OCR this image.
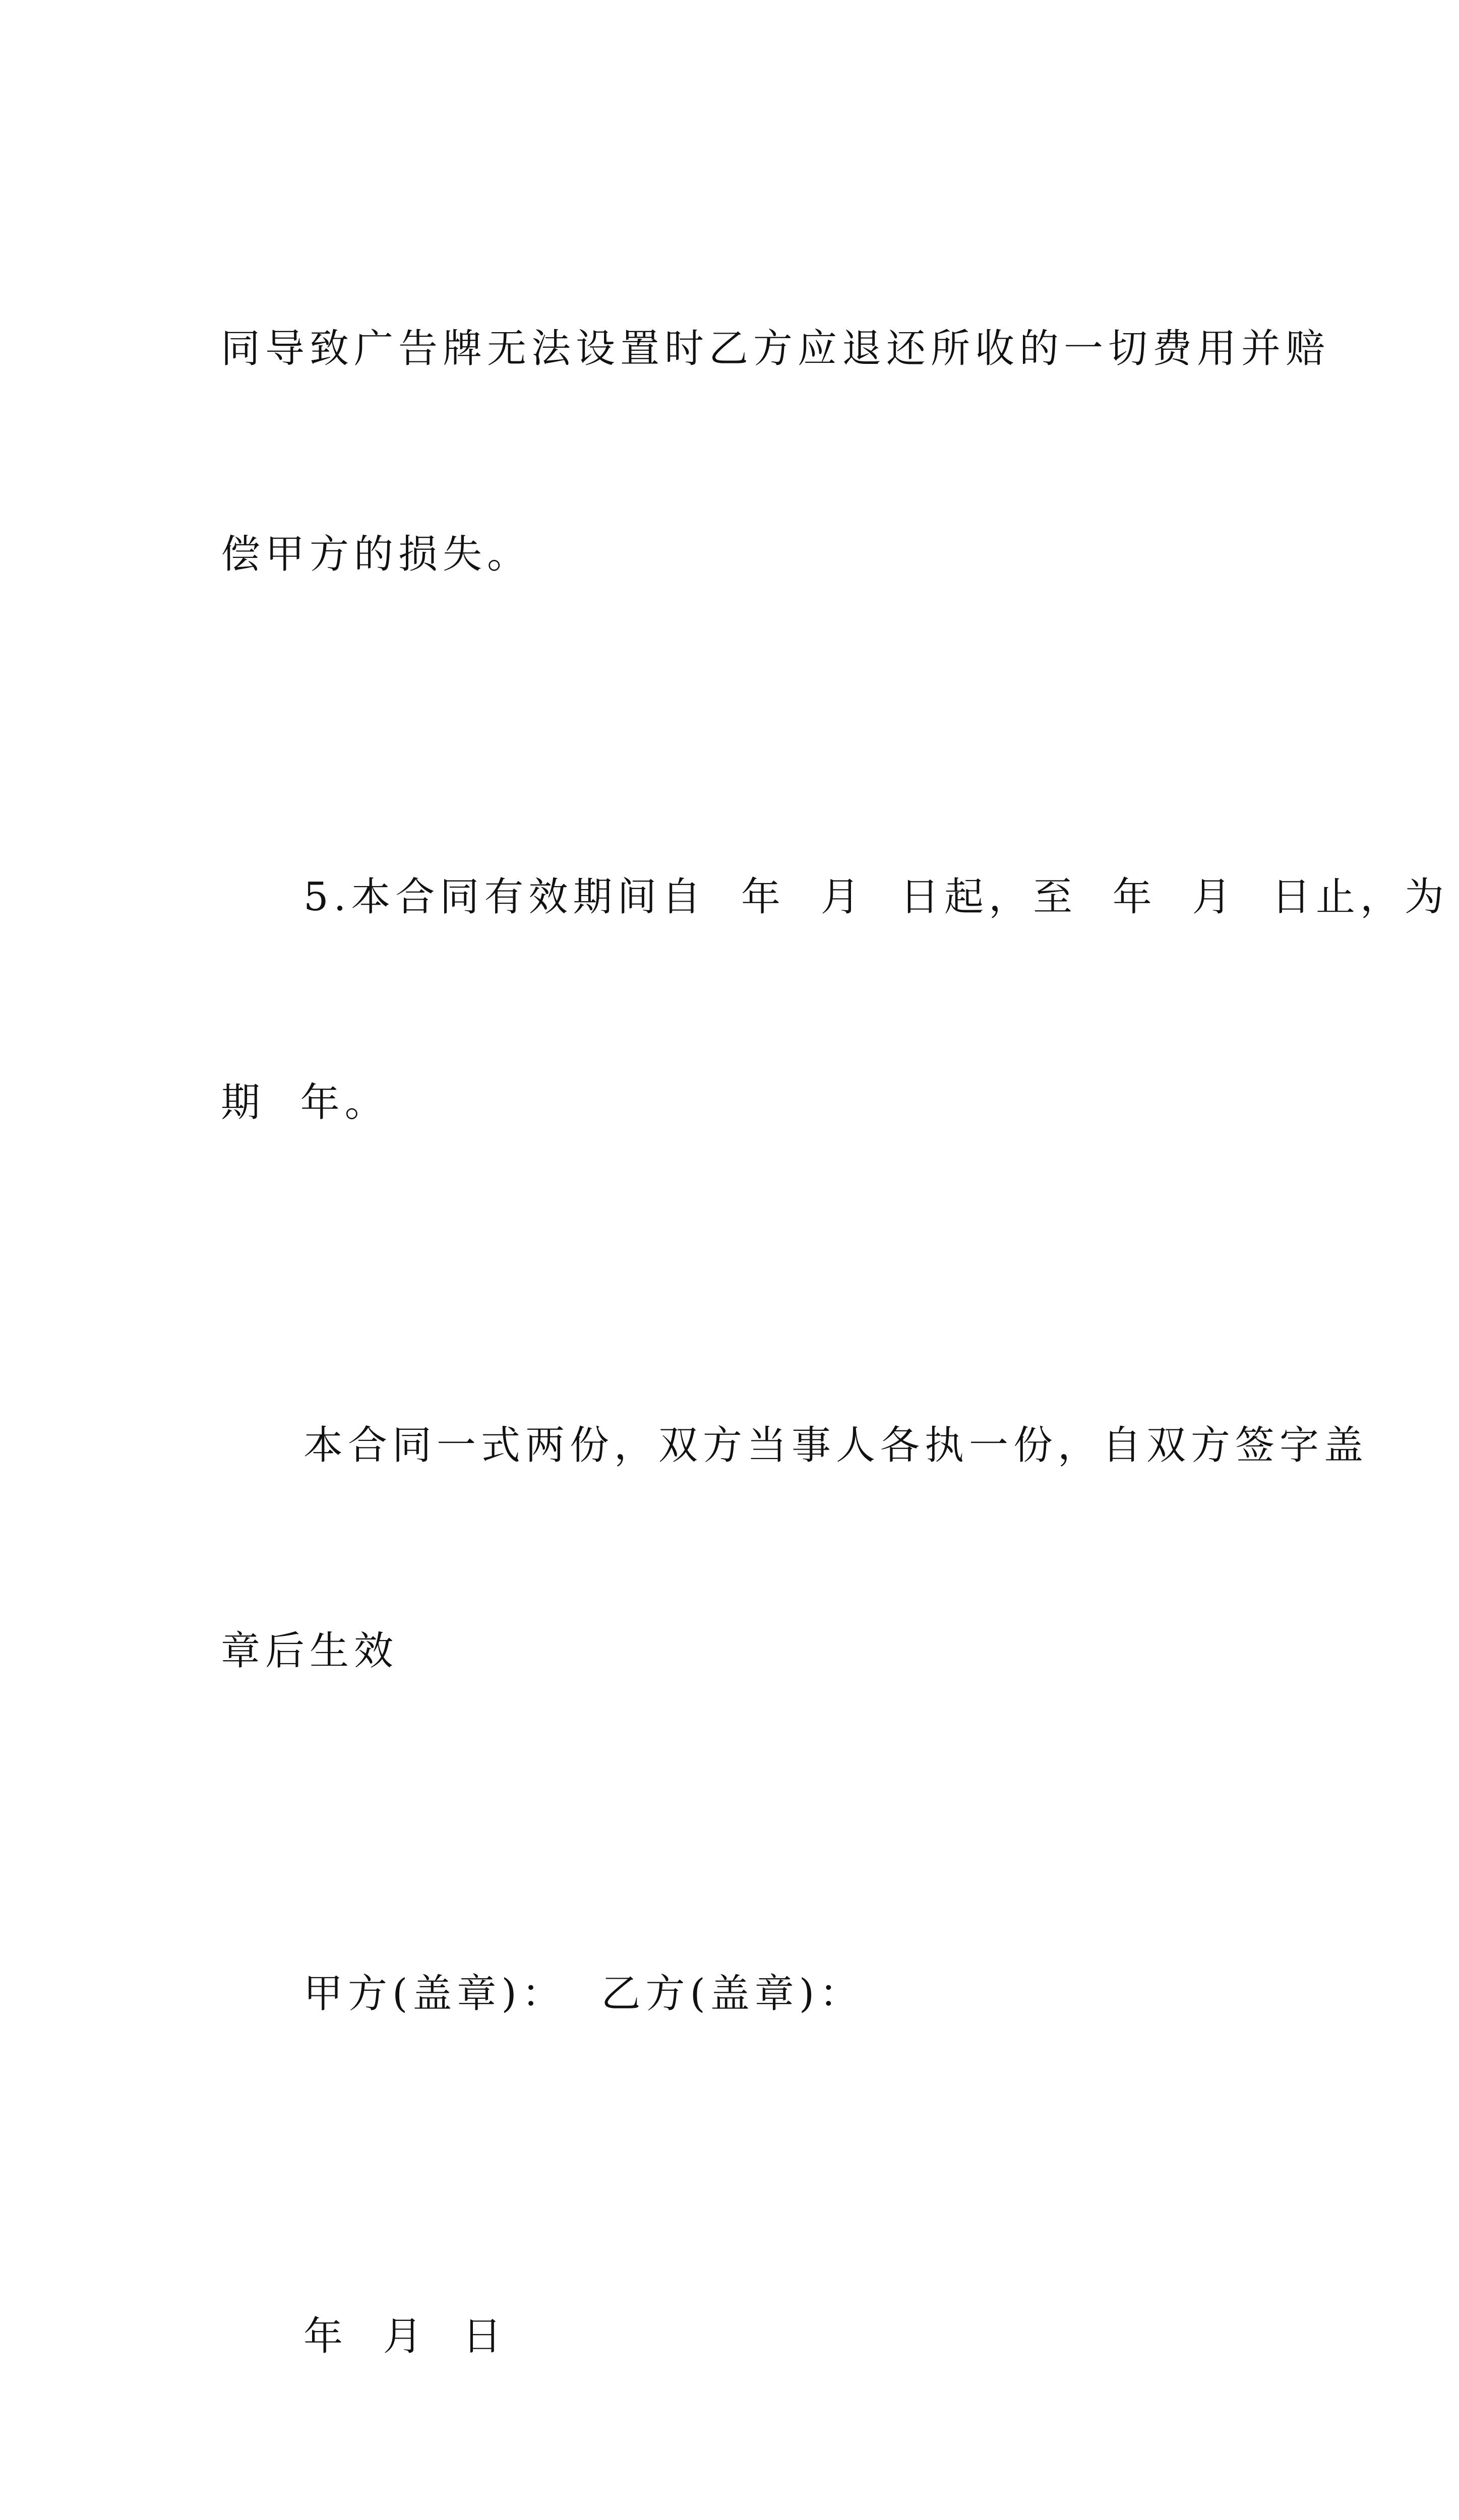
同导致广告牌无法设置时乙方应退还所收的一切费用并赔

偿甲方的损失。

5.本合同有效期间自  年  月  日起，至  年  月  日止，为

期  年。

本合同一式两份，双方当事人各执一份，自双方签字盖

章后生效

甲方(盖章)：  乙方(盖章)：

年  月  日
